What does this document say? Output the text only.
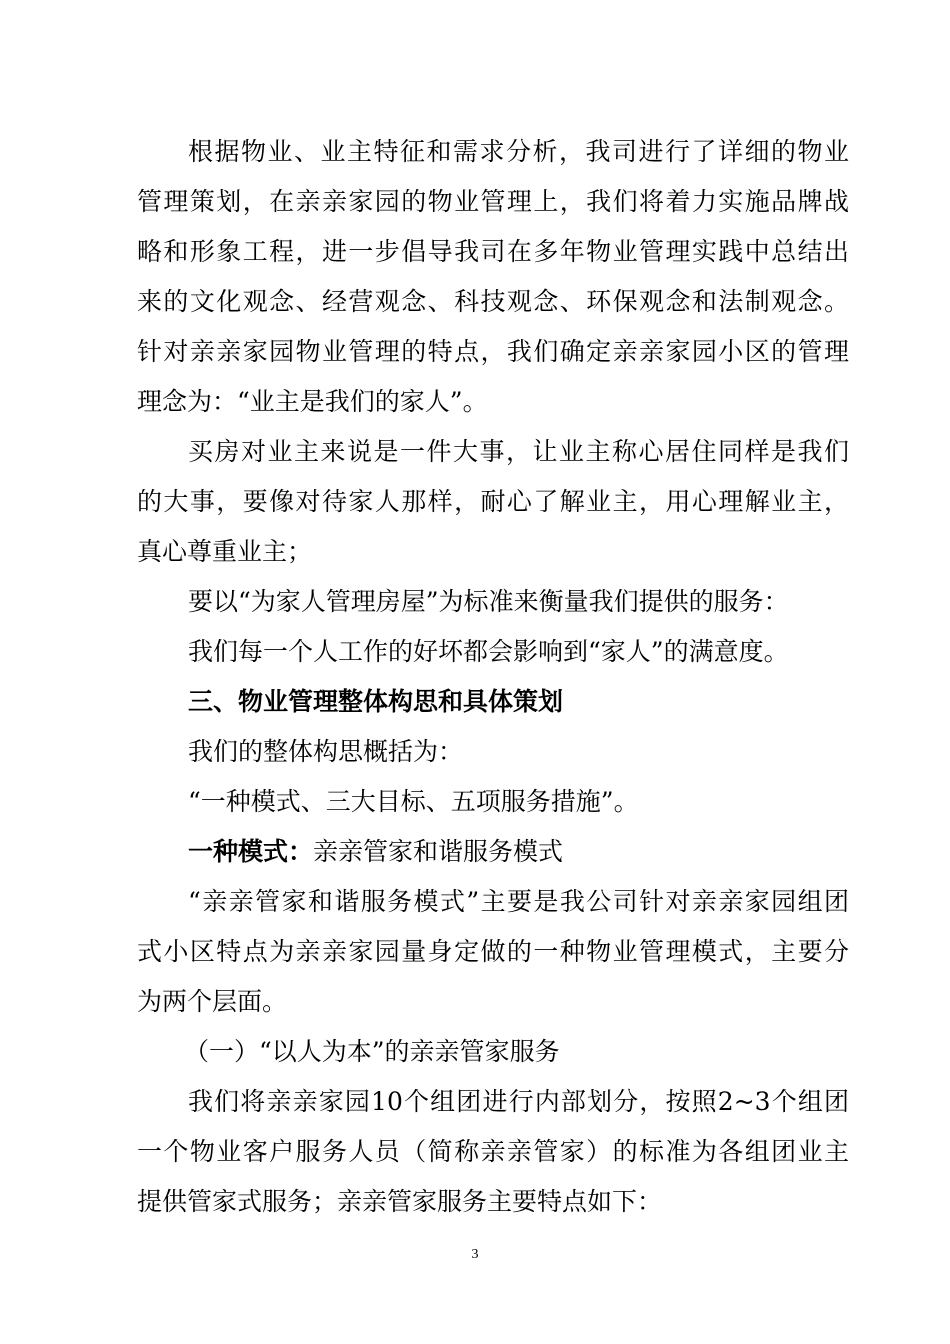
根据物业、业主特征和需求分析，我司进行了详细的物业
管理策划，在亲亲家园的物业管理上，我们将着力实施品牌战
略和形象工程，进一步倡导我司在多年物业管理实践中总结出
来的文化观念、经营观念、科技观念、环保观念和法制观念。
针对亲亲家园物业管理的特点，我们确定亲亲家园小区的管理
理念为：“业主是我们的家人”。
买房对业主来说是一件大事，让业主称心居住同样是我们
的大事，要像对待家人那样，耐心了解业主，用心理解业主，
真心尊重业主；
要以“为家人管理房屋”为标准来衡量我们提供的服务：
我们每一个人工作的好坏都会影响到“家人”的满意度。
三、物业管理整体构思和具体策划
我们的整体构思概括为：
“一种模式、三大目标、五项服务措施”。
一种模式：亲亲管家和谐服务模式
“亲亲管家和谐服务模式”主要是我公司针对亲亲家园组团
式小区特点为亲亲家园量身定做的一种物业管理模式，主要分
为两个层面。
（一）“以人为本”的亲亲管家服务
我们将亲亲家园10个组团进行内部划分，按照2~3个组团
一个物业客户服务人员（简称亲亲管家）的标准为各组团业主
提供管家式服务；亲亲管家服务主要特点如下：
3
